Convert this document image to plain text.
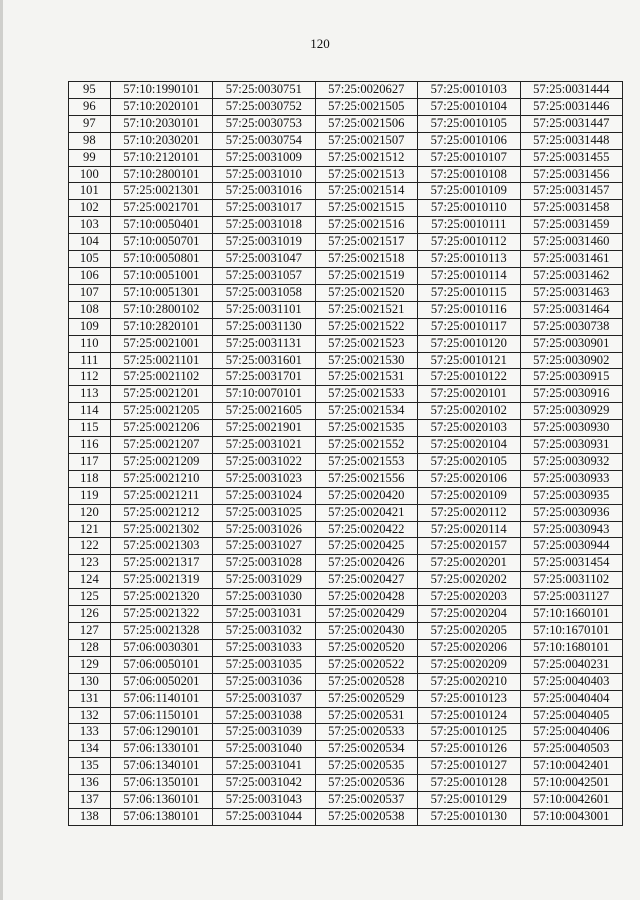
120
95	57:10:1990101	57:25:0030751	57:25:0020627	57:25:0010103	57:25:0031444
96	57:10:2020101	57:25:0030752	57:25:0021505	57:25:0010104	57:25:0031446
97	57:10:2030101	57:25:0030753	57:25:0021506	57:25:0010105	57:25:0031447
98	57:10:2030201	57:25:0030754	57:25:0021507	57:25:0010106	57:25:0031448
99	57:10:2120101	57:25:0031009	57:25:0021512	57:25:0010107	57:25:0031455
100	57:10:2800101	57:25:0031010	57:25:0021513	57:25:0010108	57:25:0031456
101	57:25:0021301	57:25:0031016	57:25:0021514	57:25:0010109	57:25:0031457
102	57:25:0021701	57:25:0031017	57:25:0021515	57:25:0010110	57:25:0031458
103	57:10:0050401	57:25:0031018	57:25:0021516	57:25:0010111	57:25:0031459
104	57:10:0050701	57:25:0031019	57:25:0021517	57:25:0010112	57:25:0031460
105	57:10:0050801	57:25:0031047	57:25:0021518	57:25:0010113	57:25:0031461
106	57:10:0051001	57:25:0031057	57:25:0021519	57:25:0010114	57:25:0031462
107	57:10:0051301	57:25:0031058	57:25:0021520	57:25:0010115	57:25:0031463
108	57:10:2800102	57:25:0031101	57:25:0021521	57:25:0010116	57:25:0031464
109	57:10:2820101	57:25:0031130	57:25:0021522	57:25:0010117	57:25:0030738
110	57:25:0021001	57:25:0031131	57:25:0021523	57:25:0010120	57:25:0030901
111	57:25:0021101	57:25:0031601	57:25:0021530	57:25:0010121	57:25:0030902
112	57:25:0021102	57:25:0031701	57:25:0021531	57:25:0010122	57:25:0030915
113	57:25:0021201	57:10:0070101	57:25:0021533	57:25:0020101	57:25:0030916
114	57:25:0021205	57:25:0021605	57:25:0021534	57:25:0020102	57:25:0030929
115	57:25:0021206	57:25:0021901	57:25:0021535	57:25:0020103	57:25:0030930
116	57:25:0021207	57:25:0031021	57:25:0021552	57:25:0020104	57:25:0030931
117	57:25:0021209	57:25:0031022	57:25:0021553	57:25:0020105	57:25:0030932
118	57:25:0021210	57:25:0031023	57:25:0021556	57:25:0020106	57:25:0030933
119	57:25:0021211	57:25:0031024	57:25:0020420	57:25:0020109	57:25:0030935
120	57:25:0021212	57:25:0031025	57:25:0020421	57:25:0020112	57:25:0030936
121	57:25:0021302	57:25:0031026	57:25:0020422	57:25:0020114	57:25:0030943
122	57:25:0021303	57:25:0031027	57:25:0020425	57:25:0020157	57:25:0030944
123	57:25:0021317	57:25:0031028	57:25:0020426	57:25:0020201	57:25:0031454
124	57:25:0021319	57:25:0031029	57:25:0020427	57:25:0020202	57:25:0031102
125	57:25:0021320	57:25:0031030	57:25:0020428	57:25:0020203	57:25:0031127
126	57:25:0021322	57:25:0031031	57:25:0020429	57:25:0020204	57:10:1660101
127	57:25:0021328	57:25:0031032	57:25:0020430	57:25:0020205	57:10:1670101
128	57:06:0030301	57:25:0031033	57:25:0020520	57:25:0020206	57:10:1680101
129	57:06:0050101	57:25:0031035	57:25:0020522	57:25:0020209	57:25:0040231
130	57:06:0050201	57:25:0031036	57:25:0020528	57:25:0020210	57:25:0040403
131	57:06:1140101	57:25:0031037	57:25:0020529	57:25:0010123	57:25:0040404
132	57:06:1150101	57:25:0031038	57:25:0020531	57:25:0010124	57:25:0040405
133	57:06:1290101	57:25:0031039	57:25:0020533	57:25:0010125	57:25:0040406
134	57:06:1330101	57:25:0031040	57:25:0020534	57:25:0010126	57:25:0040503
135	57:06:1340101	57:25:0031041	57:25:0020535	57:25:0010127	57:10:0042401
136	57:06:1350101	57:25:0031042	57:25:0020536	57:25:0010128	57:10:0042501
137	57:06:1360101	57:25:0031043	57:25:0020537	57:25:0010129	57:10:0042601
138	57:06:1380101	57:25:0031044	57:25:0020538	57:25:0010130	57:10:0043001
